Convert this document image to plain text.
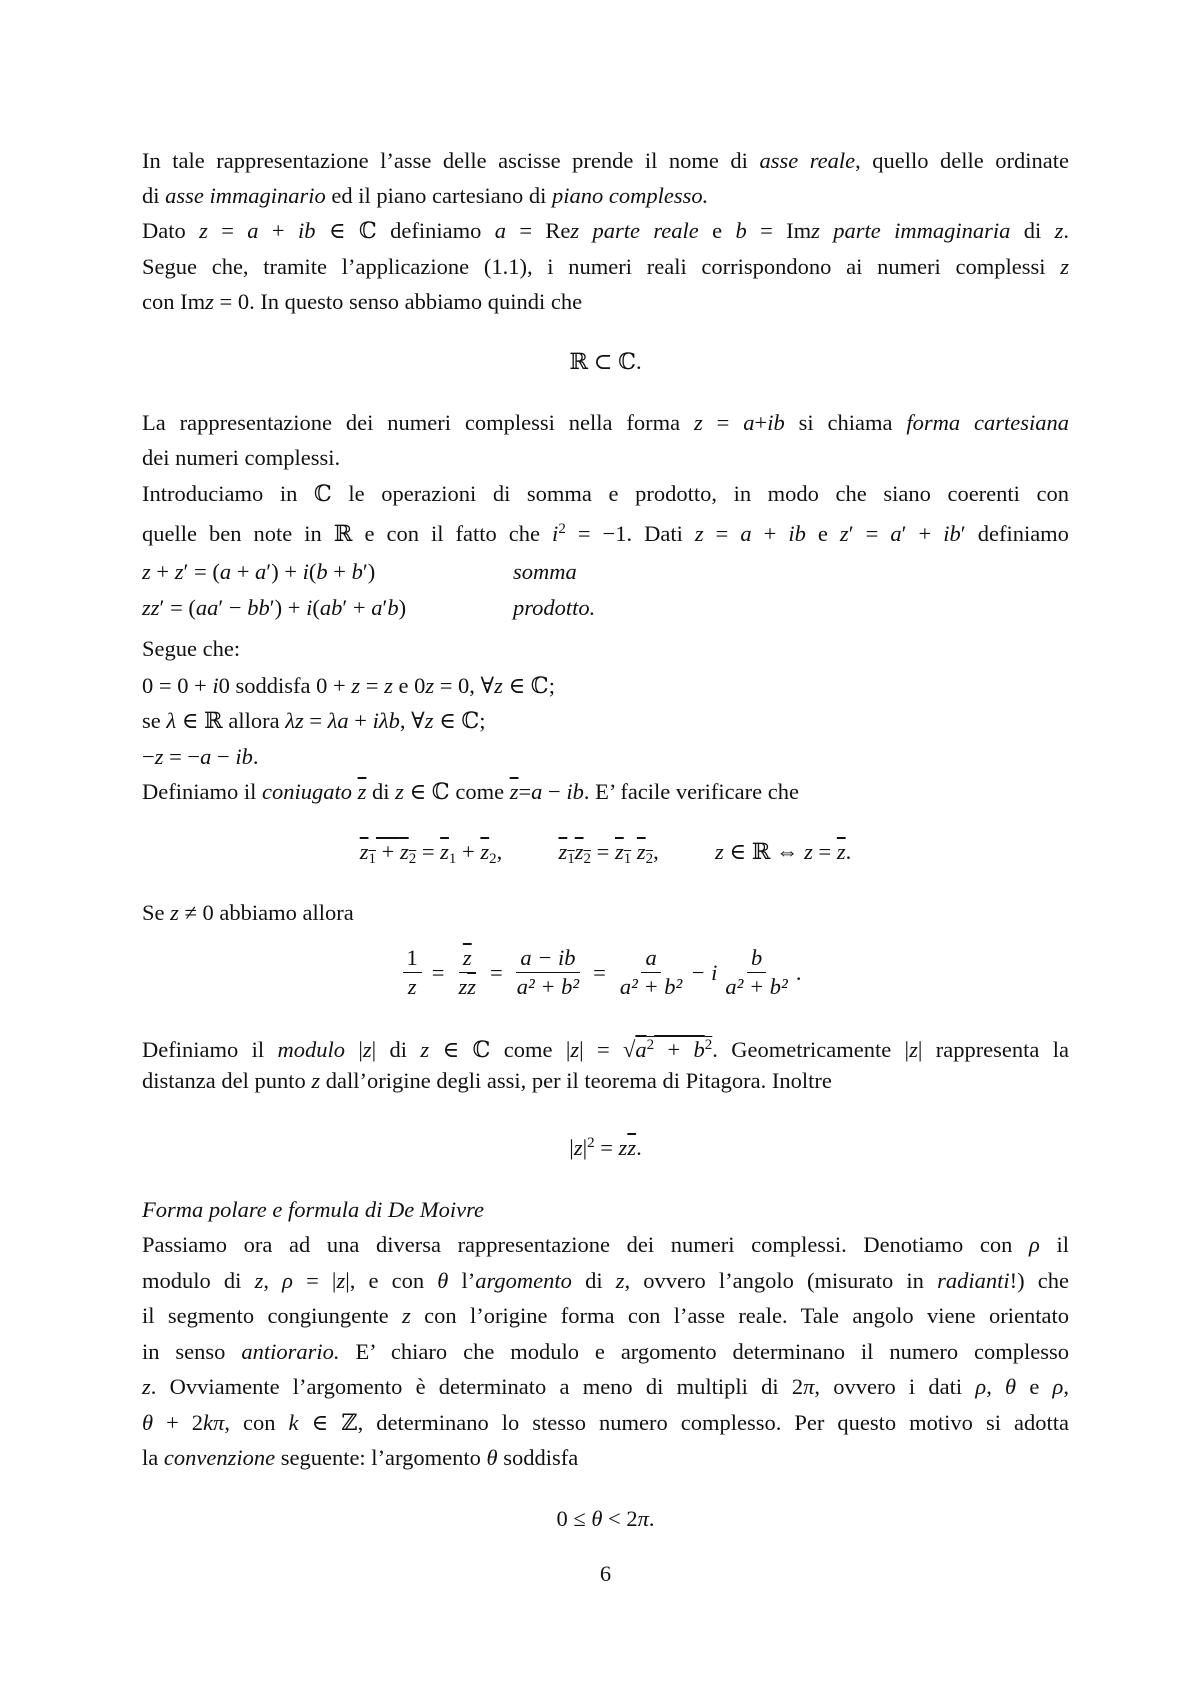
In tale rappresentazione l’asse delle ascisse prende il nome di asse reale, quello delle ordinate
di asse immaginario ed il piano cartesiano di piano complesso.
Dato z = a + ib ∈ ℂ definiamo a = Rez parte reale e b = Imz parte immaginaria di z.
Segue che, tramite l’applicazione (1.1), i numeri reali corrispondono ai numeri complessi z
con Imz = 0. In questo senso abbiamo quindi che
ℝ ⊂ ℂ.
La rappresentazione dei numeri complessi nella forma z = a+ib si chiama forma cartesiana
dei numeri complessi.
Introduciamo in ℂ le operazioni di somma e prodotto, in modo che siano coerenti con
quelle ben note in ℝ e con il fatto che $i^2 = -1$. Dati z = a + ib e z′ = a′ + ib′ definiamo
z + z′ = (a + a′) + i(b + b′)
zz′ = (aa′ − bb′) + i(ab′ + a′b)
Segue che:
0 = 0 + i0 soddisfa 0 + z = z e 0z = 0, ∀z ∈ ℂ;
se λ ∈ ℝ allora λz = λa + iλb, ∀z ∈ ℂ;
−z = −a − ib.
Definiamo il coniugato $\overline{z}$ di z ∈ ℂ come $\overline{z}=a$ − ib. E’ facile verificare che
$\overline{z}1 + \overline{z}2 = \overline{z}1 + \overline{z}2$,          $\overline{z}1\overline{z}2 = \overline{z}1$ $\overline{z}2$,          z ∈ ℝ ⇔ $z = \overline{z}$.
Se z ≠ 0 abbiamo allora
Definiamo il modulo |z| di z ∈ ℂ come $|z| = √a^2 + \overline{b}^2$. Geometricamente |z| rappresenta la
distanza del punto z dall’origine degli assi, per il teorema di Pitagora. Inoltre
$|z|^2 = z\overline{z}$.
Forma polare e formula di De Moivre
Passiamo ora ad una diversa rappresentazione dei numeri complessi. Denotiamo con ρ il
modulo di z, ρ = |z|, e con θ l’argomento di z, ovvero l’angolo (misurato in radianti!) che
il segmento congiungente z con l’origine forma con l’asse reale. Tale angolo viene orientato
in senso antiorario. E’ chiaro che modulo e argomento determinano il numero complesso
z. Ovviamente l’argomento è determinato a meno di multipli di 2π, ovvero i dati ρ, θ e ρ,
θ + 2kπ, con k ∈ ℤ, determinano lo stesso numero complesso. Per questo motivo si adotta
la convenzione seguente: l’argomento θ soddisfa
0 ≤ θ < 2π.
6
somma
prodotto.
$\frac{1}{z} = \frac{\overline{z}}{z\overline{z}} = \frac{a - ib}{\text{a² + b²}} = \frac{a}{\text{a² + b²}} - i \frac{b}{\text{a² + b²}}$ .
